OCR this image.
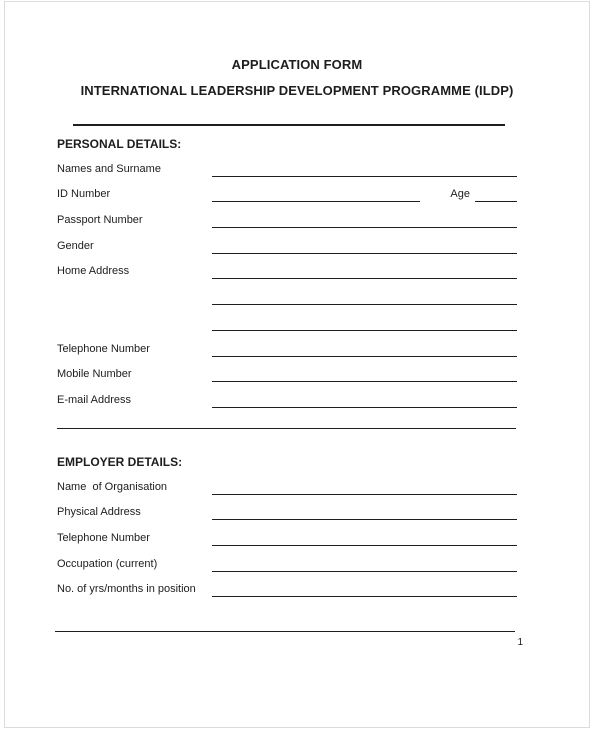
APPLICATION FORM
INTERNATIONAL LEADERSHIP DEVELOPMENT PROGRAMME (ILDP)
PERSONAL DETAILS:
Names and Surname
ID Number	Age
Passport Number
Gender
Home Address
Telephone Number
Mobile Number
E-mail Address
EMPLOYER DETAILS:
Name  of Organisation
Physical Address
Telephone Number
Occupation (current)
No. of yrs/months in position
1
